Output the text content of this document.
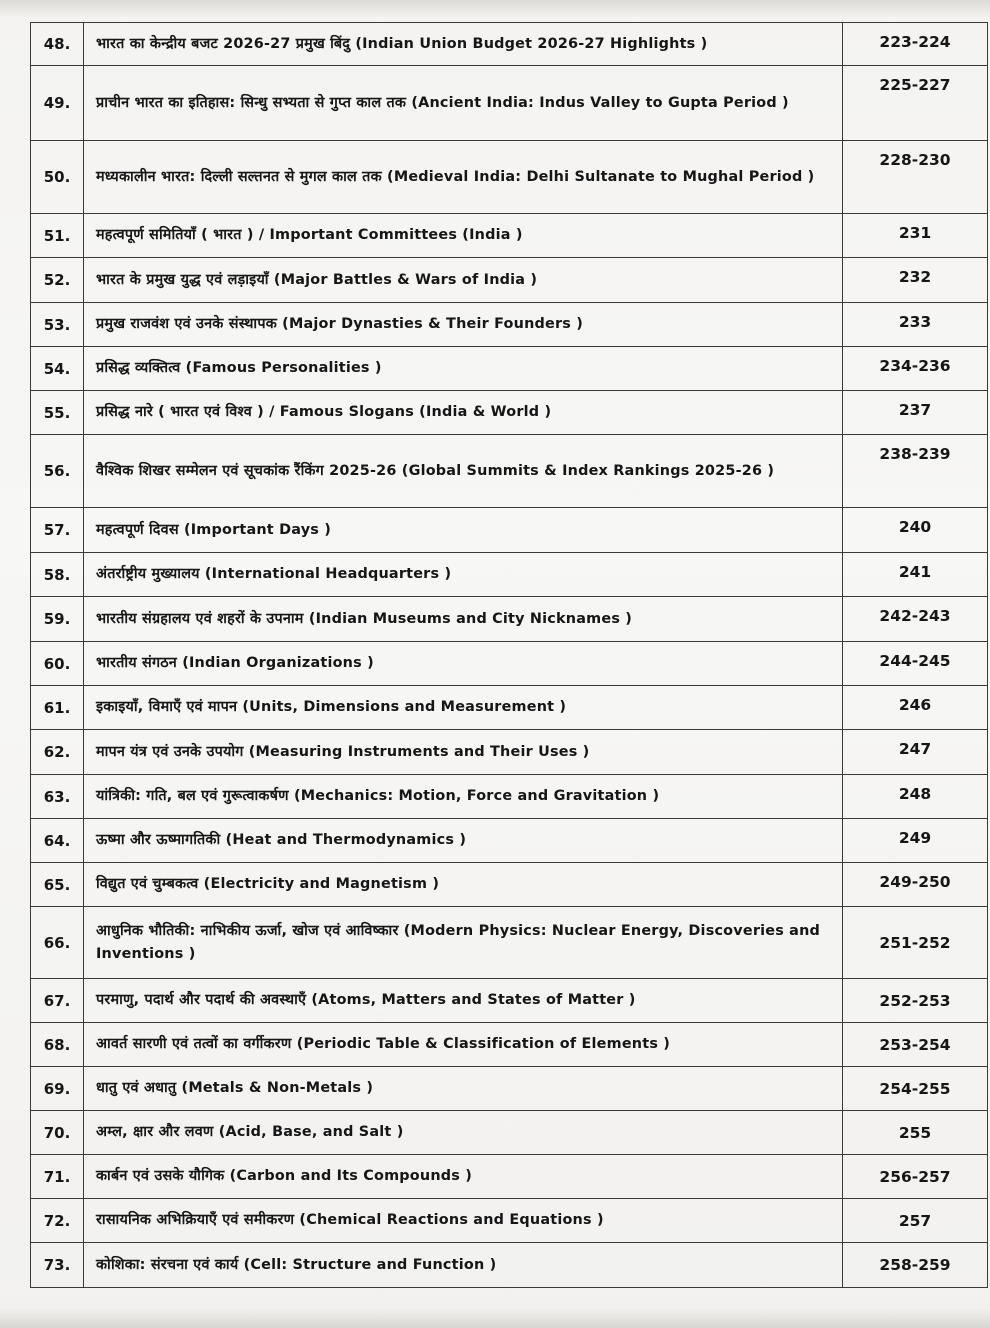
48.	भारत का केन्द्रीय बजट 2026-27 प्रमुख बिंदु (Indian Union Budget 2026-27 Highlights )	223-224
49.	प्राचीन भारत का इतिहास: सिन्धु सभ्यता से गुप्त काल तक (Ancient India: Indus Valley to Gupta Period )	225-227
50.	मध्यकालीन भारत: दिल्ली सल्तनत से मुगल काल तक (Medieval India: Delhi Sultanate to Mughal Period )	228-230
51.	महत्वपूर्ण समितियाँ ( भारत ) / Important Committees (India )	231
52.	भारत के प्रमुख युद्ध एवं लड़ाइयाँ (Major Battles & Wars of India )	232
53.	प्रमुख राजवंश एवं उनके संस्थापक (Major Dynasties & Their Founders )	233
54.	प्रसिद्ध व्यक्तित्व (Famous Personalities )	234-236
55.	प्रसिद्ध नारे ( भारत एवं विश्व ) / Famous Slogans (India & World )	237
56.	वैश्विक शिखर सम्मेलन एवं सूचकांक रैंकिंग 2025-26 (Global Summits & Index Rankings 2025-26 )	238-239
57.	महत्वपूर्ण दिवस (Important Days )	240
58.	अंतर्राष्ट्रीय मुख्यालय (International Headquarters )	241
59.	भारतीय संग्रहालय एवं शहरों के उपनाम (Indian Museums and City Nicknames )	242-243
60.	भारतीय संगठन (Indian Organizations )	244-245
61.	इकाइयाँ, विमाएँ एवं मापन (Units, Dimensions and Measurement )	246
62.	मापन यंत्र एवं उनके उपयोग (Measuring Instruments and Their Uses )	247
63.	यांत्रिकी: गति, बल एवं गुरूत्वाकर्षण (Mechanics: Motion, Force and Gravitation )	248
64.	ऊष्मा और ऊष्मागतिकी (Heat and Thermodynamics )	249
65.	विद्युत एवं चुम्बकत्व (Electricity and Magnetism )	249-250
66.	आधुनिक भौतिकी: नाभिकीय ऊर्जा, खोज एवं आविष्कार (Modern Physics: Nuclear Energy, Discoveries and Inventions )	251-252
67.	परमाणु, पदार्थ और पदार्थ की अवस्थाएँ (Atoms, Matters and States of Matter )	252-253
68.	आवर्त सारणी एवं तत्वों का वर्गीकरण (Periodic Table & Classification of Elements )	253-254
69.	धातु एवं अधातु (Metals & Non-Metals )	254-255
70.	अम्ल, क्षार और लवण (Acid, Base, and Salt )	255
71.	कार्बन एवं उसके यौगिक (Carbon and Its Compounds )	256-257
72.	रासायनिक अभिक्रियाएँ एवं समीकरण (Chemical Reactions and Equations )	257
73.	कोशिका: संरचना एवं कार्य (Cell: Structure and Function )	258-259
